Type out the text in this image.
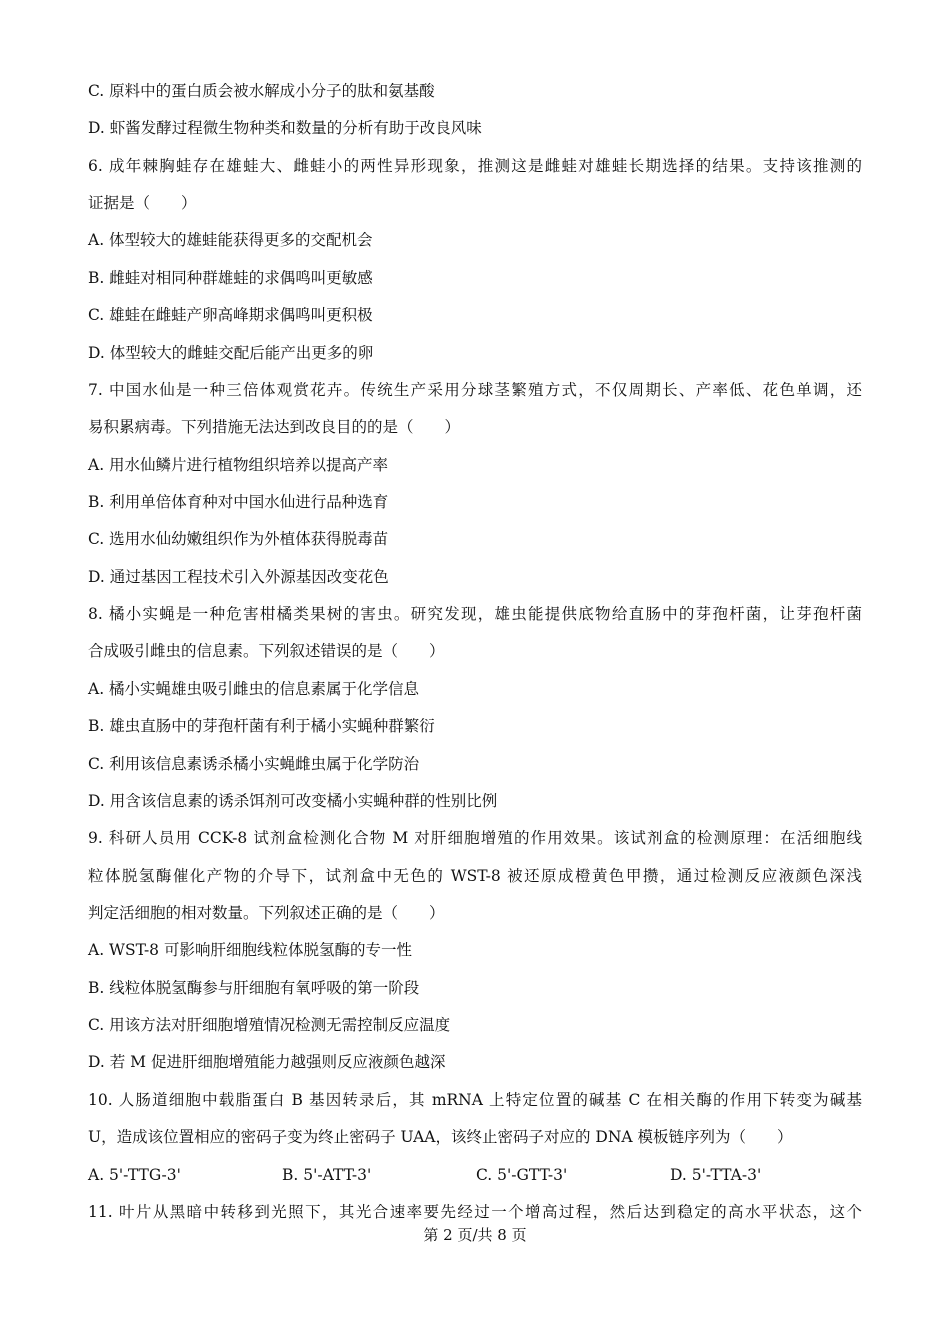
C. 原料中的蛋白质会被水解成小分子的肽和氨基酸
D. 虾酱发酵过程微生物种类和数量的分析有助于改良风味
6. 成年棘胸蛙存在雄蛙大、雌蛙小的两性异形现象，推测这是雌蛙对雄蛙长期选择的结果。支持该推测的
证据是（　　）
A. 体型较大的雄蛙能获得更多的交配机会
B. 雌蛙对相同种群雄蛙的求偶鸣叫更敏感
C. 雄蛙在雌蛙产卵高峰期求偶鸣叫更积极
D. 体型较大的雌蛙交配后能产出更多的卵
7. 中国水仙是一种三倍体观赏花卉。传统生产采用分球茎繁殖方式，不仅周期长、产率低、花色单调，还
易积累病毒。下列措施无法达到改良目的的是（　　）
A. 用水仙鳞片进行植物组织培养以提高产率
B. 利用单倍体育种对中国水仙进行品种选育
C. 选用水仙幼嫩组织作为外植体获得脱毒苗
D. 通过基因工程技术引入外源基因改变花色
8. 橘小实蝇是一种危害柑橘类果树的害虫。研究发现，雄虫能提供底物给直肠中的芽孢杆菌，让芽孢杆菌
合成吸引雌虫的信息素。下列叙述错误的是（　　）
A. 橘小实蝇雄虫吸引雌虫的信息素属于化学信息
B. 雄虫直肠中的芽孢杆菌有利于橘小实蝇种群繁衍
C. 利用该信息素诱杀橘小实蝇雌虫属于化学防治
D. 用含该信息素的诱杀饵剂可改变橘小实蝇种群的性别比例
9. 科研人员用 CCK-8 试剂盒检测化合物 M 对肝细胞增殖的作用效果。该试剂盒的检测原理：在活细胞线
粒体脱氢酶催化产物的介导下，试剂盒中无色的 WST-8 被还原成橙黄色甲攒，通过检测反应液颜色深浅
判定活细胞的相对数量。下列叙述正确的是（　　）
A. WST-8 可影响肝细胞线粒体脱氢酶的专一性
B. 线粒体脱氢酶参与肝细胞有氧呼吸的第一阶段
C. 用该方法对肝细胞增殖情况检测无需控制反应温度
D. 若 M 促进肝细胞增殖能力越强则反应液颜色越深
10. 人肠道细胞中载脂蛋白 B 基因转录后，其 mRNA 上特定位置的碱基 C 在相关酶的作用下转变为碱基
U，造成该位置相应的密码子变为终止密码子 UAA，该终止密码子对应的 DNA 模板链序列为（　　）
A. 5'-TTG-3'	B. 5'-ATT-3'	C. 5'-GTT-3'	D. 5'-TTA-3'
11. 叶片从黑暗中转移到光照下，其光合速率要先经过一个增高过程，然后达到稳定的高水平状态，这个
第 2 页/共 8 页
